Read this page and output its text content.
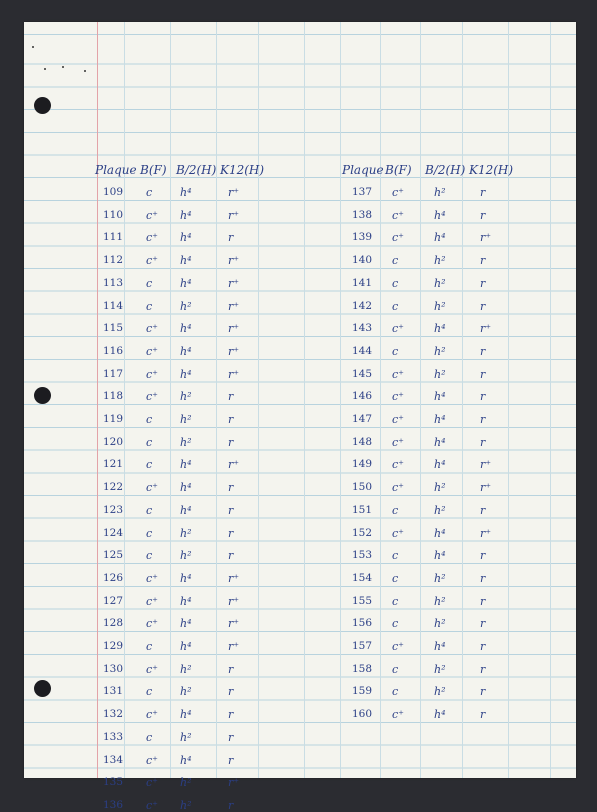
Plaque B(F) B/2(H) K12(H)	Plaque B(F) B/2(H) K12(H)
109 c	h⁴	r⁺
110 c⁺ h⁴	r⁺
111 c⁺ h⁴	r
112 c⁺ h⁴	r⁺
113 c	h⁴	r⁺
114 c	h²	r⁺
115 c⁺ h⁴	r⁺
116 c⁺ h⁴	r⁺
117 c⁺ h⁴	r⁺
118 c⁺ h²	r
119 c	h²	r
120 c	h²	r
121 c	h⁴	r⁺
122 c⁺ h⁴	r
123 c	h⁴	r
124 c	h²	r
125 c	h²	r
126 c⁺ h⁴	r⁺
127 c⁺ h⁴	r⁺
128 c⁺ h⁴	r⁺
129 c	h⁴	r⁺
130 c⁺ h²	r
131 c	h²	r
132 c⁺ h⁴	r
133 c	h²	r
134 c⁺ h⁴	r
135 c⁺ h²	r⁺
136 c⁺ h²	r
137 c⁺	h²	r
138 c⁺	h⁴	r
139 c⁺	h⁴	r⁺
140 c	h²	r
141 c	h²	r
142 c	h²	r
143 c⁺	h⁴	r⁺
144 c	h²	r
145 c⁺	h²	r
146 c⁺	h⁴	r
147 c⁺	h⁴	r
148 c⁺	h⁴	r
149 c⁺	h⁴	r⁺
150 c⁺	h²	r⁺
151 c	h²	r
152 c⁺	h⁴	r⁺
153 c	h⁴	r
154 c	h²	r
155 c	h²	r
156 c	h²	r
157 c⁺	h⁴	r
158 c	h²	r
159 c	h²	r
160 c⁺	h⁴	r
